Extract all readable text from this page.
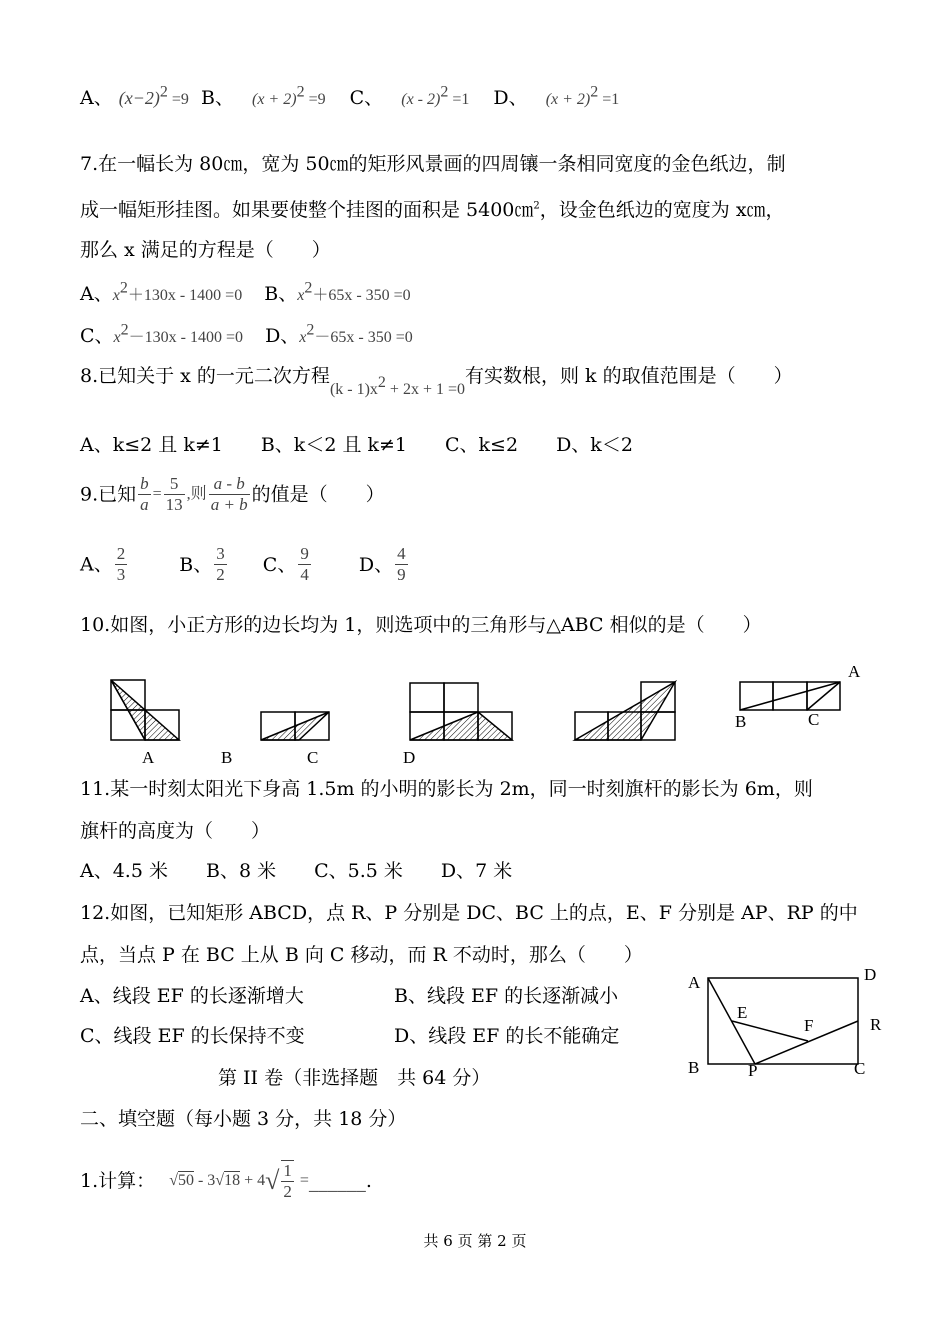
A、 $(x-2)^2 =9$ B、 $(x + 2)^2 =9$ C、 (x - 2)$^2$ =1 D、 $(x + 2)^2 =1$
7.在一幅长为 80㎝，宽为 50㎝的矩形风景画的四周镶一条相同宽度的金色纸边，制
成一幅矩形挂图。如果要使整个挂图的面积是 5400㎝$^2$，设金色纸边的宽度为 x㎝，
那么 x 满足的方程是（　　）
A、$x^2+130x - 1400 =0$ B、$x^2+65x - 350 =0$
C、$x^2-130x - 1400 =0$ D、$x^2-65x - 350 =0$
8.已知关于 x 的一元二次方程$_{(k - 1)x}^2$ $_{+ 2x + 1 =0}$有实数根，则 k 的取值范围是（　　）
A、k≤2 且 k≠1　　B、k＜2 且 k≠1　　C、k≤2　　D、k＜2
9.已知 $\frac{b}{a} = \frac{5}{13}$ ,则 $\frac{a - b}{a + b}$ 的值是（　　）
A、 $\frac{2}{3}$	B、 $\frac{3}{2}$ C、 $\frac{9}{4}$	D、 $\frac{4}{9}$
10.如图，小正方形的边长均为 1，则选项中的三角形与△ABC 相似的是（　　）
A	B	C	D
A
B	C
11.某一时刻太阳光下身高 1.5m 的小明的影长为 2m，同一时刻旗杆的影长为 6m，则
旗杆的高度为（　　）
A、4.5 米　　B、8 米　　C、5.5 米　　D、7 米
12.如图，已知矩形 ABCD，点 R、P 分别是 DC、BC 上的点，E、F 分别是 AP、RP 的中
点，当点 P 在 BC 上从 B 向 C 移动，而 R 不动时，那么（　　）
A、线段 EF 的长逐渐增大	B、线段 EF 的长逐渐减小
C、线段 EF 的长保持不变	D、线段 EF 的长不能确定
A	D
E
F	R
B	P	C
第 II 卷（非选择题　共 64 分）
二、填空题（每小题 3 分，共 18 分）
1.计算： $√50 - 3√18 + 4√ \frac{1}{2}$ =______.
共 6 页 第 2 页
